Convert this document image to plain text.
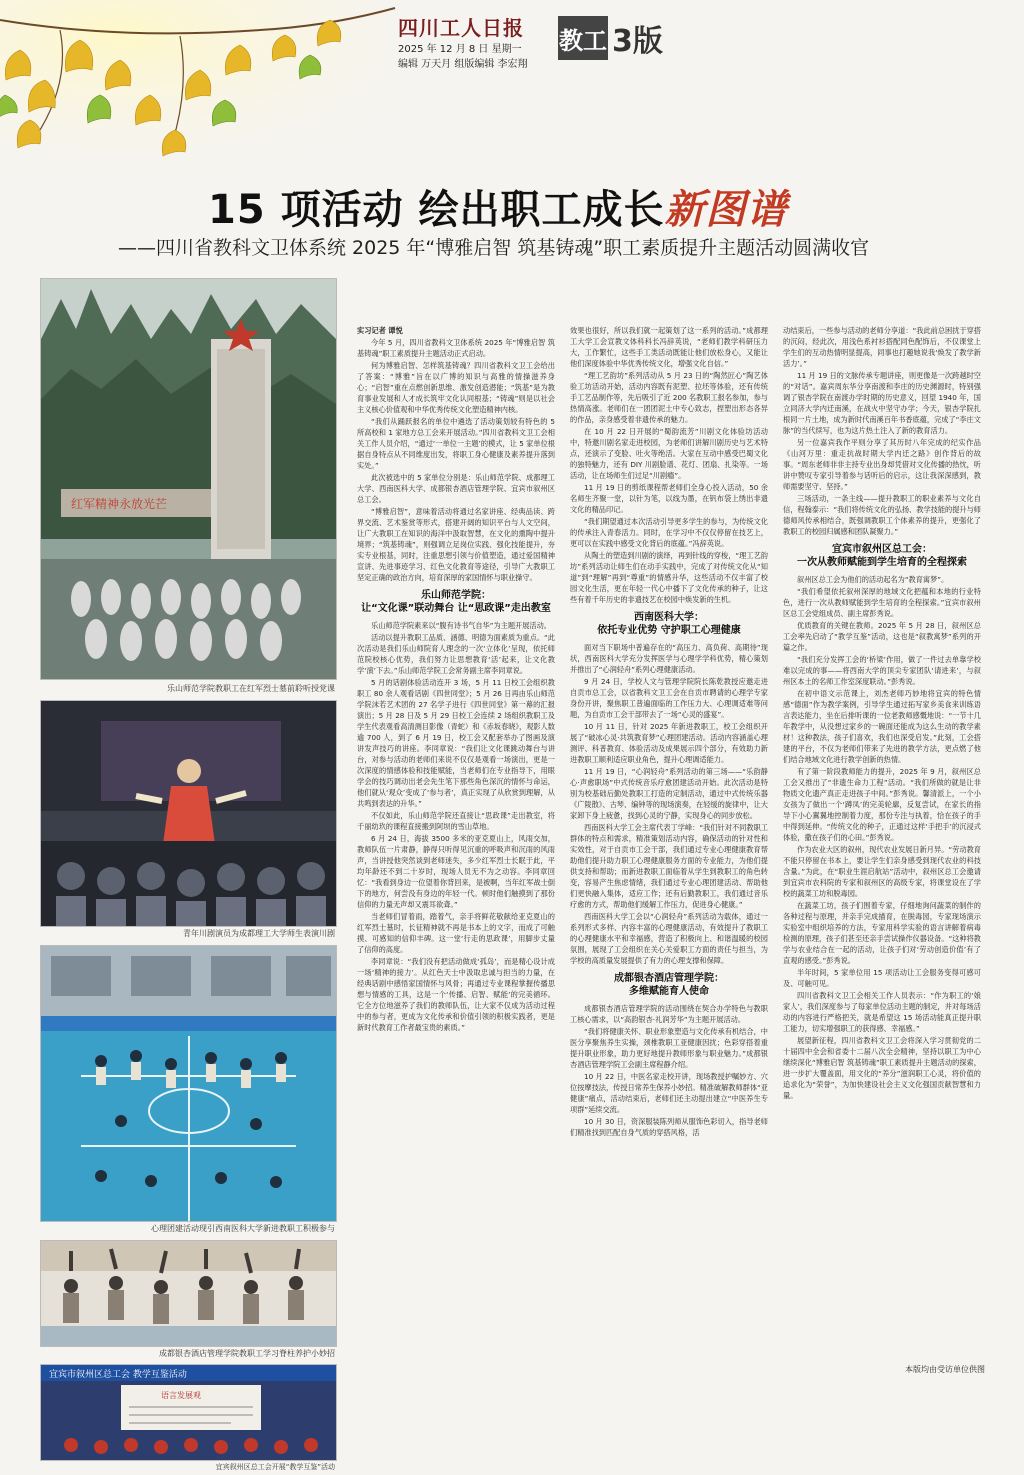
四川工人日报
2025 年 12 月 8 日 星期一
编辑 万天月 组版编辑 李宏翔
教工 3版
15 项活动 绘出职工成长新图谱
——四川省教科文卫体系统 2025 年“博雅启智 筑基铸魂”职工素质提升主题活动圆满收官
红军精神永放光芒
乐山师范学院教职工在红军烈士墓前聆听授党课
青年川剧演员为成都理工大学师生表演川剧
心理团建活动现引西南医科大学新进教职工积极参与
成都银杏酒店管理学院教职工学习脊柱养护小妙招
宜宾市叙州区总工会 教学互鉴活动
语言发展观
宜宾叙州区总工会开展“教学互鉴”活动

实习记者 谭悦

今年 5 月，四川省教科文卫体系统 2025 年“博雅启智 筑基铸魂”职工素质提升主题活动正式启动。

何为博雅启智、怎样筑基铸魂？四川省教科文卫工会给出了答案：“博雅”旨在以广博的知识与高雅的情操滋养身心；“启智”重在点燃创新思维、激发创造潜能；“筑基”是为教育事业发展和人才成长筑牢文化认同根基；“铸魂”则是以社会主义核心价值观和中华优秀传统文化塑造精神内核。

“我们从踊跃报名的单位中遴选了活动策划较有特色的 5 所高校和 1 家地方总工会来开展活动。”四川省教科文卫工会相关工作人员介绍，“通过‘一单位一主题’的模式，让 5 家单位根据自身特点从不同维度出发，将职工身心健康及素养提升落到实处。”

此次被选中的 5 家单位分别是：乐山师范学院、成都理工大学、西南医科大学、成都银杏酒店管理学院、宜宾市叙州区总工会。

“博雅启智”，意味着活动将通过名家讲座、经典品读、跨界交流、艺术鉴赏等形式，搭建开阔的知识平台与人文空间，让广大教职工在知识的海洋中汲取智慧，在文化的熏陶中提升境界；“筑基铸魂”，则强调立足岗位实践、强化技能提升，夯实专业根基，同时，注重思想引领与价值塑造，通过爱国精神宣讲、先进事迹学习、红色文化教育等途径，引导广大教职工坚定正确的政治方向，培育深厚的家国情怀与职业操守。

乐山师范学院：
让“文化课”联动舞台 让“思政课”走出教室

乐山师范学院素来以“腹有诗书气自华”为主题开展活动。

活动以提升教职工品质、涵德、明德为面素质为重点。“此次活动是我们乐山师院育人理念的一次‘立体化’呈现，依托师范院校核心优势，我们努力让思想教育‘活’起来，让文化教学‘演’下去。”乐山师范学院工会常务副主席李同章说。

5 月的话剧体验活动连开 3 场，5 月 11 日校工会组织教职工 80 余人观看话剧《四世同堂》；5 月 26 日再由乐山师范学院沫若艺术团的 27 名学子进行《四世同堂》第一幕的汇报演出；5 月 28 日及 5 月 29 日校工会连续 2 场组织教职工及学生代表观看高清测目影像（青蛇）和《赤坂春晓》，观影人数逾 700 人，到了 6 月 19 日，校工会又配套举办了图画及演讲发声技巧的讲座。李同章说：“我们让文化课跳动舞台与讲台，对参与活动的老师们来说不仅仅是观看一场演出，更是一次深度的情感体验和技能赋能，当老师们在专业指导下，用眼学会的技巧调动出老会先生笔下那些角色深沉的情怀与命运，他们就从‘观众’变成了‘参与者’，真正实现了从欣赏到理解，从共鸣到表达的升华。”

不仅如此，乐山师范学院还直接让“思政课”走出教室，将千丽幼玖的课程直接搬到阿坝的雪山草地。

6 月 24 日，海拔 3500 多米的亚克夏山上，风雨交加，教师队伍一片肃静，静得只听得见沉重的呼吸声和沉雨的风雨声，当讲授他突然谈到老师迷失，多少红军烈士长眠于此，平均年龄还不到二十岁时，现场人员无不为之动容。李同章回忆：“我看到身边一位望着你背回来，是被啊，当年红军战士倒下的地方，何尝没有身边的年轻一代。顿时他们触摸到了那份信仰的力量无声却又震耳欲聋。”

当老师们冒着雨，踏着气，亲手将鲜花敬献给亚克夏山的红军烈士墓时，长征精神就不再是书本上的文字，而成了可触摸、可感知的信仰丰碑。这一堂‘行走的思政课’，用脚步丈量了信仰的高度。

李同章说：“我们没有把活动做成‘孤岛’，而是精心设计成一场‘精神的接力’。从红色天士中汲取忠诚与担当的力量，在经典话剧中感悟家国情怀与风骨；再通过专业课程掌握传播思想与情感的工具，这是一个‘传播、启智、赋能’的完美循环。它全方位地滋养了我们的教师队伍，让大家不仅成为活动过程中的参与者，更成为文化传承和价值引领的积极实践者，更是新时代教育工作者最宝贵的素质。”

效果也很好，所以我们就一起策划了这一系列的活动。”成都理工大学工会宣教文体科科长冯辞英说，“老师们教学科研压力大，工作繁忙，这些手工类活动既能让他们放松身心，又能让他们深度体验中华优秀传统文化，增强文化自信。”

“理工艺韵坊”系列活动从 5 月 23 日的“陶然匠心”陶艺体验工坊活动开始，活动内容既有泥塑、拉坯等体验，还有传统手工艺品制作等，先后吸引了近 200 名教职工报名参加，参与热情高涨。老师们在一团团泥土中专心致志，捏塑出形态各异的作品，亲身感受着非遗传承的魅力。

在 10 月 22 日开展的“蜀韵流芳”川剧文化体验坊活动中，特邀川剧名家走进校园，为老师们讲解川剧历史与艺术特点，还演示了变脸、吐火等绝活。大家在互动中感受巴蜀文化的独特魅力，还有 DIY 川剧脸谱、花灯、团扇、扎染等。一场活动，让在场师生们过足“川剧瘾”。

11 月 19 日的剪纸课程帮老师们全身心投入活动，50 余名师生齐聚一堂，以针为笔，以线为墨，在钒布袋上绣出非遗文化的精品印记。

“我们期望通过本次活动引导更多学生的参与，为传统文化的传承注入青春活力。同时，在学习中不仅仅停留在技艺上，更可以在实践中感受文化背后的底蕴。”冯辞英说。

从陶土的塑造到川剧的演绎，再到针线的穿梭，“理工艺韵坊”系列活动让师生们在动手实践中，完成了对传统文化从“知道”到“理解”再到“尊重”的情感升华，这些活动不仅丰富了校园文化生活，更在年轻一代心中播下了文化传承的种子，让这些有着千年历史的非遗技艺在校园中焕发新的生机。

西南医科大学：
依托专业优势 守护职工心理健康

面对当下职场中普遍存在的“高压力、高负荷、高期待”现状，西南医科大学充分发挥医学与心理学学科优势，精心策划并推出了“心润轻舟”系列心理健康活动。

9 月 24 日，学校人文与管理学院院长陈乾教授应邀走进自贡市总工会，以省教科文卫工会在自贡市聘请的心理学专家身份开讲，聚焦职工普遍面临的工作压力大、心理调适难等问题，为自贡市工会干部带去了一场“心灵的盛宴”。

10 月 11 日，针对 2025 年新进教职工，校工会组织开展了“破冰心灵·共筑教育梦”心理团建活动。活动内容涵盖心理测评、科普教育、体验活动及成果展示四个部分，有效助力新进教职工顺利适应职业角色，提升心理调适能力。

11 月 19 日，“心润轻舟”系列活动的第三场——“乐韵静心·声愈职场”中式传统音乐疗愈团建活动开始。此次活动是特别为校基础后勤处教职工打造的定制活动，通过中式传统乐器《广陵散》、古琴、编钟等的现场演奏，在轻缓的旋律中，让大家卸下身上疲惫，找到心灵的宁静，实现身心的同步放松。

西南医科大学工会主席代表丁学峰：“我们针对不同教职工群体的特点和需求，精准策划活动内容，确保活动的针对性和实效性，对于自贡市工会干部，我们通过专业心理健康教育帮助他们提升助力职工心理健康服务方面的专业能力，为他们提供支持和帮助；而新进教职工面临着从学生到教职工的角色转变，容易产生焦虑情绪，我们通过专业心理团建活动、帮助他们更快融入集体，适应工作；还有后勤教职工，我们通过音乐疗愈的方式，帮助他们缓解工作压力，促进身心健康。”

西南医科大学工会以“心润轻舟”系列活动为载体，通过一系列形式多样、内容丰富的心理健康活动，有效提升了教职工的心理健康水平和幸福感，营造了积极向上、和谐温暖的校园氛围，展现了工会组织在关心关爱职工方面的责任与担当，为学校的高质量发展提供了有力的心理支撑和保障。

成都银杏酒店管理学院：
多维赋能育人使命

成都银杏酒店管理学院的活动围绕在契合办学特色与教职工核心需求，以“高韵银杏·礼润芳华”为主题开展活动。

“我们将健康关怀、职业形象塑造与文化传承有机结合，中医分享聚焦养生实操，颈椎教职工亚健康因扰；色彩穿搭着重提升职业形象，助力更好地提升教师形象与职业魅力。”成都银杏酒店管理学院工会副主席程静介绍。

10 月 22 日，中医名家走校开讲，现场教授护嘱妙方、穴位按摩技法，传授日常养生保养小妙招。精准破解教师群体“亚健康”痛点，活动结束后，老师们还主动提出建立“中医养生专项群”延续交流。

10 月 30 日，资深服装陈列师从服饰色彩切入，指导老师们精准找到匹配自身气质的穿搭风格，活

动结束后，一些参与活动的老师分享道：“我此前总困扰于穿搭的沉闷，经此次，用浅色系衬衫搭配同色配饰后，不仅课堂上学生们的互动热情明显提高，同事也打趣她说我‘焕发了教学新活力’。”

11 月 19 日的文脉传承专题讲座，则更像是一次跨越时空的“对话”。嘉宾周东华分享南渡和李庄的历史渊源时，特别强调了银杏学院在南渡办学时期的历史意义，回望 1940 年，国立同济大学内迁南溪，在战火中坚守办学；今天，银杏学院扎根同一片土地，成为新时代南溪百年书香底蕴，完成了“李庄文脉”的当代续写，也为这片热土注入了新的教育活力。

另一位嘉宾我作平则分享了其历时八年完成的纪实作品《山河万里：重走抗战时期大学内迁之路》创作背后的故事。“周东老师非非主持专业出身却凭借对文化传播的热忱，听讲中赞叹专家引导着参与话听后的启示，这让我深深感到，教师需要坚守、坚持。”

三场活动，一条主线——提升教职工的职业素养与文化自信，程翰泰示：“我们将传统文化的弘扬、教学技能的提升与师德师风传承相结合，既强调教职工个体素养的提升，更强化了教职工的校园归属感和团队凝聚力。”

宜宾市叙州区总工会：
一次从教师赋能到学生培育的全程探索

叙州区总工会为他们的活动起名为“教育寓梦”。

“我们希望依托叙州深厚的地域文化把蕴和本地的行业特色，进行一次从教师赋能到学生培育的全程探索。”宜宾市叙州区总工会党组成员、副主席彭秀说。

优质教育的关键在教师。2025 年 5 月 28 日，叙州区总工会率先启动了“教学互鉴”活动，这也是“叙教寓梦”系列的开篇之作。

“我们充分发挥工会的‘桥梁’作用，做了一件过去单靠学校难以完成的事——将西南大学的顶尖专家团队‘请进来’，与叙州区本土的名师工作室深度联动。”彭秀说。

在初中语文示范课上，刘杰老师巧妙地将宜宾的特色情感“德面”作为教学案例，引导学生通过拓写家乡美食来训练语言表达能力，坐在后排听课的一位老教师感慨地说：“一节十几年教学中，从没想过家乡的一碗面还能成为这么生动的教学素材！这种教法，孩子们喜欢，我们也深受启发。”此刻，工会搭建的平台，不仅为老师们带来了先进的教学方法，更点燃了他们结合地域文化进行教学创新的热情。

有了第一阶段教师能力的提升，2025 年 9 月，叙州区总工会又推出了“非遗生命力工程”活动。“我们所做的就是让非物质文化遗产真正走进孩子中间。”彭秀说。馨清派上，一个小女孩为了做出一个‘蹲凤’的完美轮廓，反复尝试，在家长的指导下小心翼翼地控制着力度，那份专注与执着，恰在孩子的手中得到延伸。“传统文化的种子，正通过这样‘手把手’的沉浸式体验，撒在孩子们的心田。”彭秀说。

作为农业大区的叙州，现代农业发展日新月异。“劳动教育不能只停留在书本上，要让学生们亲身感受到现代农业的科技含量。”为此，在“职业生涯启航站”活动中，叙州区总工会邀请到宜宾市农科院的专家和叙州区的高级专家，将课堂设在了学校的蔬菜工坊和脱毒园。

在蔬菜工坊，孩子们围着专家，仔细地询问蔬菜的制作的各种过程与原理，并亲手完成描育，在脱毒园，专家现场演示实验室中组织培养的方法，专家用科学实验的语言讲解着病毒检测的原理，孩子们甚至还亲手尝试操作仪器设备。“这种将教学与农业结合在一起的活动，让孩子们对‘劳动创造价值’有了直观的感受。”彭秀说。

半年时间，5 家单位用 15 项活动让工会服务变得可感可及、可触可见。

四川省教科文卫工会相关工作人员表示：“作为职工的‘娘家人’，我们深度参与了每家单位活动主题的制定，并对每场活动的内容进行严格把关，就是希望这 15 场活动能真正提升职工能力，切实增强职工的获得感、幸福感。”

展望新征程，四川省教科文卫工会将深入学习贯彻党的二十届四中全会和省委十二届八次全会精神，坚持以职工为中心继续深化“博雅启智 筑基铸魂”职工素质提升主题活动的探索，进一步扩大覆盖面，用文化的“养分”滋润职工心灵，将价值的追求化为“荣誉”，为加快建设社会主义文化强国贡献智慧和力量。

本版均由受访单位供图
